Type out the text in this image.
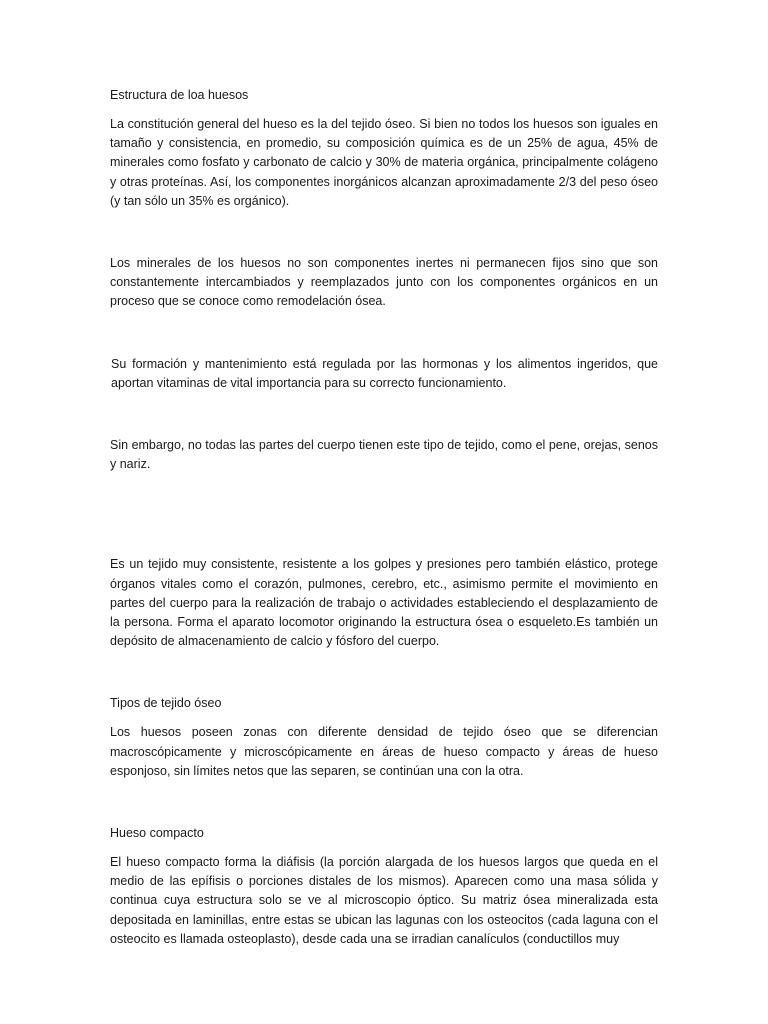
Estructura de loa huesos

La constitución general del hueso es la del tejido óseo. Si bien no todos los huesos son iguales en tamaño y consistencia, en promedio, su composición química es de un 25% de agua, 45% de minerales como fosfato y carbonato de calcio y 30% de materia orgánica, principalmente colágeno y otras proteínas. Así, los componentes inorgánicos alcanzan aproximadamente 2/3 del peso óseo (y tan sólo un 35% es orgánico).

Los minerales de los huesos no son componentes inertes ni permanecen fijos sino que son constantemente intercambiados y reemplazados junto con los componentes orgánicos en un proceso que se conoce como remodelación ósea.

Su formación y mantenimiento está regulada por las hormonas y los alimentos ingeridos, que aportan vitaminas de vital importancia para su correcto funcionamiento.

Sin embargo, no todas las partes del cuerpo tienen este tipo de tejido, como el pene, orejas, senos y nariz.

Es un tejido muy consistente, resistente a los golpes y presiones pero también elástico, protege órganos vitales como el corazón, pulmones, cerebro, etc., asimismo permite el movimiento en partes del cuerpo para la realización de trabajo o actividades estableciendo el desplazamiento de la persona. Forma el aparato locomotor originando la estructura ósea o esqueleto.Es también un depósito de almacenamiento de calcio y fósforo del cuerpo.

Tipos de tejido óseo

Los huesos poseen zonas con diferente densidad de tejido óseo que se diferencian macroscópicamente y microscópicamente en áreas de hueso compacto y áreas de hueso esponjoso, sin límites netos que las separen, se continúan una con la otra.

Hueso compacto

El hueso compacto forma la diáfisis (la porción alargada de los huesos largos que queda en el medio de las epífisis o porciones distales de los mismos). Aparecen como una masa sólida y continua cuya estructura solo se ve al microscopio óptico. Su matriz ósea mineralizada esta depositada en laminillas, entre estas se ubican las lagunas con los osteocitos (cada laguna con el osteocito es llamada osteoplasto), desde cada una se irradian canalículos (conductillos muy
